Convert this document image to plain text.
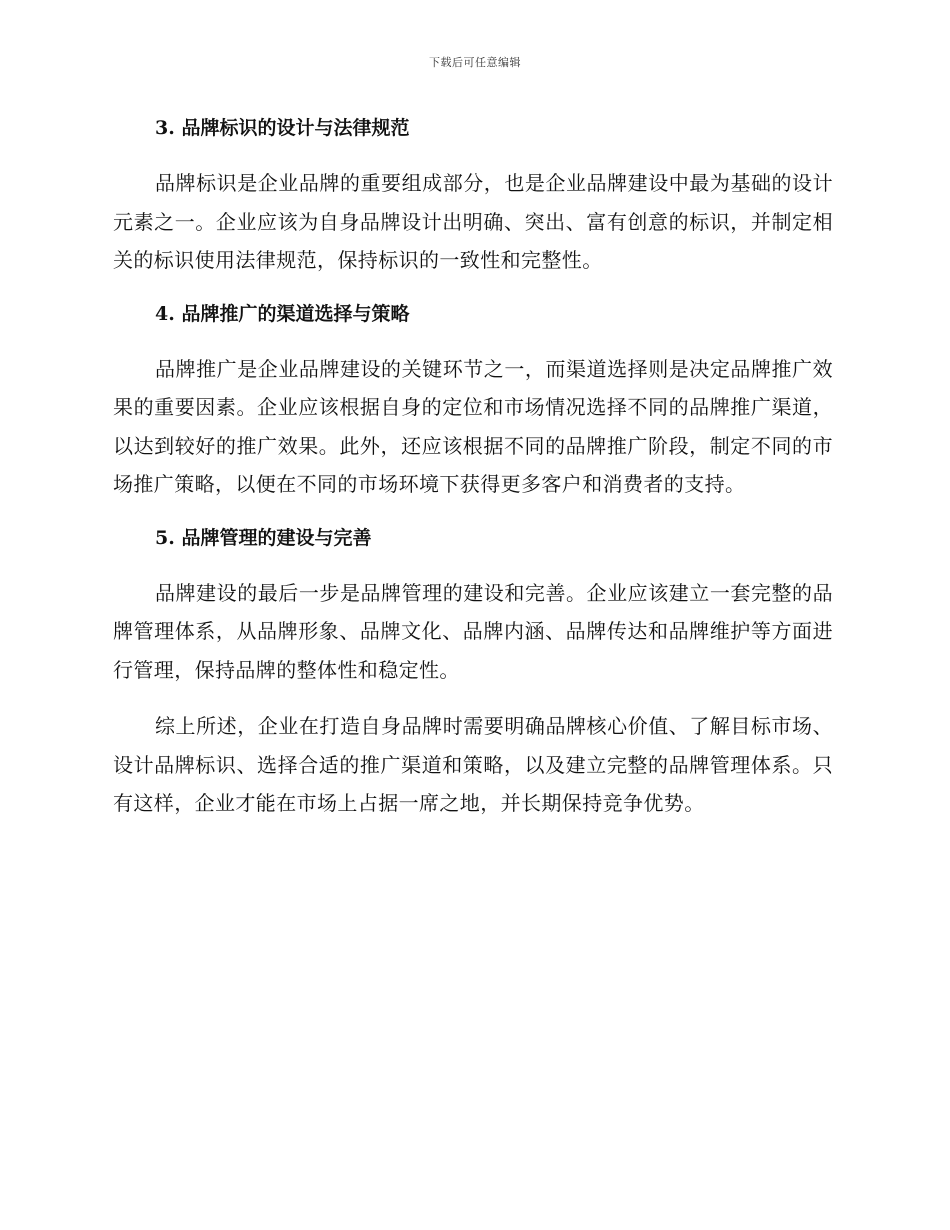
下载后可任意编辑
3. 品牌标识的设计与法律规范

品牌标识是企业品牌的重要组成部分，也是企业品牌建设中最为基础的设计元素之一。企业应该为自身品牌设计出明确、突出、富有创意的标识，并制定相关的标识使用法律规范，保持标识的一致性和完整性。

4. 品牌推广的渠道选择与策略

品牌推广是企业品牌建设的关键环节之一，而渠道选择则是决定品牌推广效果的重要因素。企业应该根据自身的定位和市场情况选择不同的品牌推广渠道，以达到较好的推广效果。此外，还应该根据不同的品牌推广阶段，制定不同的市场推广策略，以便在不同的市场环境下获得更多客户和消费者的支持。

5. 品牌管理的建设与完善

品牌建设的最后一步是品牌管理的建设和完善。企业应该建立一套完整的品牌管理体系，从品牌形象、品牌文化、品牌内涵、品牌传达和品牌维护等方面进行管理，保持品牌的整体性和稳定性。

综上所述，企业在打造自身品牌时需要明确品牌核心价值、了解目标市场、设计品牌标识、选择合适的推广渠道和策略，以及建立完整的品牌管理体系。只有这样，企业才能在市场上占据一席之地，并长期保持竞争优势。
